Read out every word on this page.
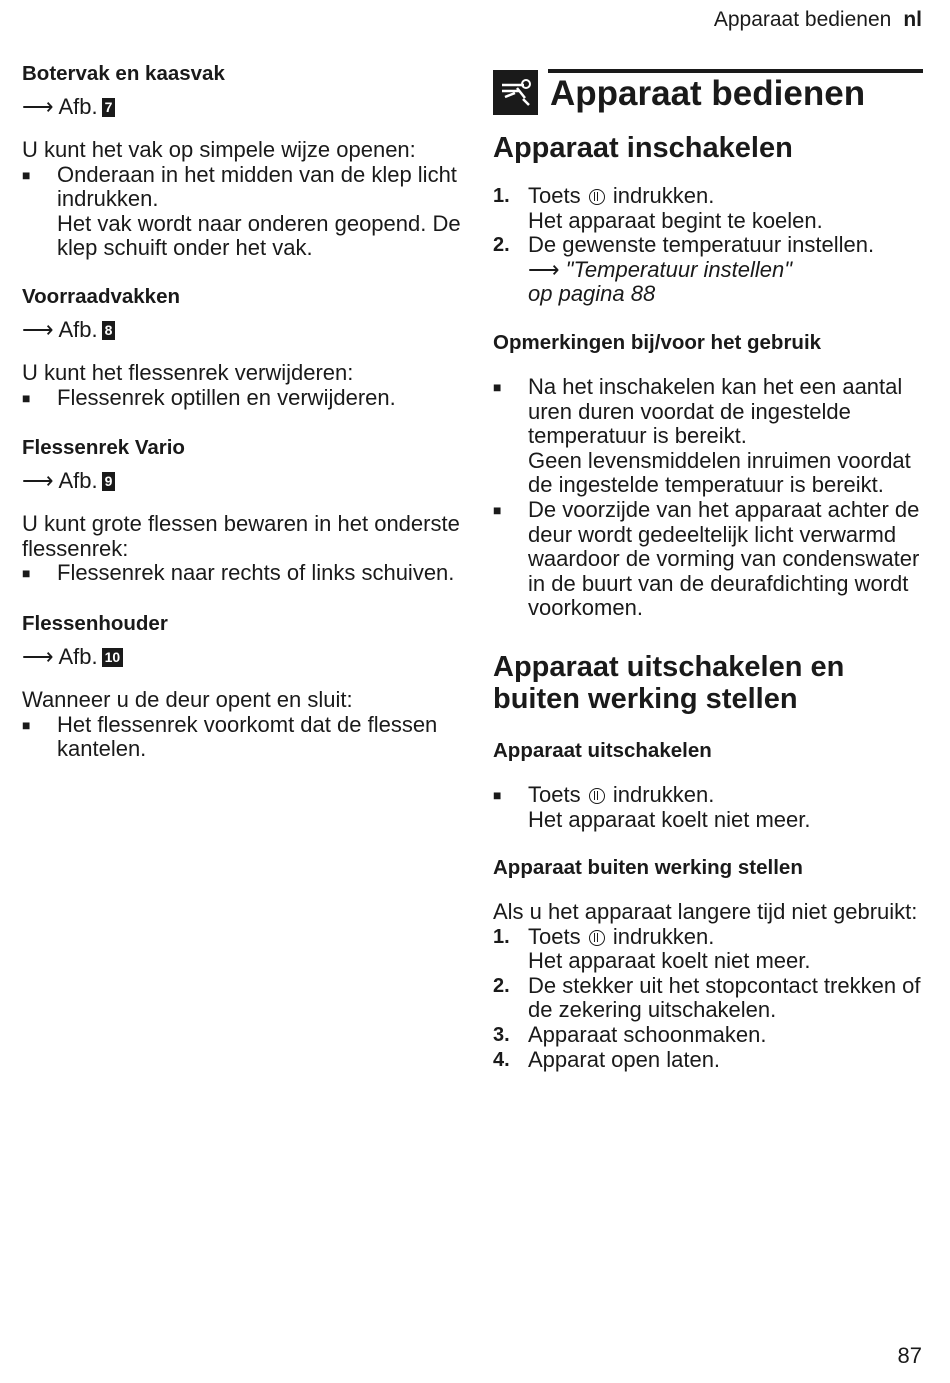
Apparaat bedienen nl
Botervak en kaasvak
⟶ Afb. 7
U kunt het vak op simpele wijze openen:
■ Onderaan in het midden van de klep licht indrukken.
Het vak wordt naar onderen geopend. De klep schuift onder het vak.
Voorraadvakken
⟶ Afb. 8
U kunt het flessenrek verwijderen:
■ Flessenrek optillen en verwijderen.
Flessenrek Vario
⟶ Afb. 9
U kunt grote flessen bewaren in het onderste flessenrek:
■ Flessenrek naar rechts of links schuiven.
Flessenhouder
⟶ Afb. 10
Wanneer u de deur opent en sluit:
■ Het flessenrek voorkomt dat de flessen kantelen.
Apparaat bedienen
Apparaat inschakelen
1. Toets indrukken.
Het apparaat begint te koelen.
2. De gewenste temperatuur instellen.
⟶ "Temperatuur instellen"
op pagina 88
Opmerkingen bij/voor het gebruik
■ Na het inschakelen kan het een aantal uren duren voordat de ingestelde temperatuur is bereikt.
Geen levensmiddelen inruimen voordat de ingestelde temperatuur is bereikt.
■ De voorzijde van het apparaat achter de deur wordt gedeeltelijk licht verwarmd waardoor de vorming van condenswater in de buurt van de deurafdichting wordt voorkomen.
Apparaat uitschakelen en buiten werking stellen
Apparaat uitschakelen
■ Toets indrukken.
Het apparaat koelt niet meer.
Apparaat buiten werking stellen
Als u het apparaat langere tijd niet gebruikt:
1. Toets indrukken.
Het apparaat koelt niet meer.
2. De stekker uit het stopcontact trekken of de zekering uitschakelen.
3. Apparaat schoonmaken.
4. Apparat open laten.
87
